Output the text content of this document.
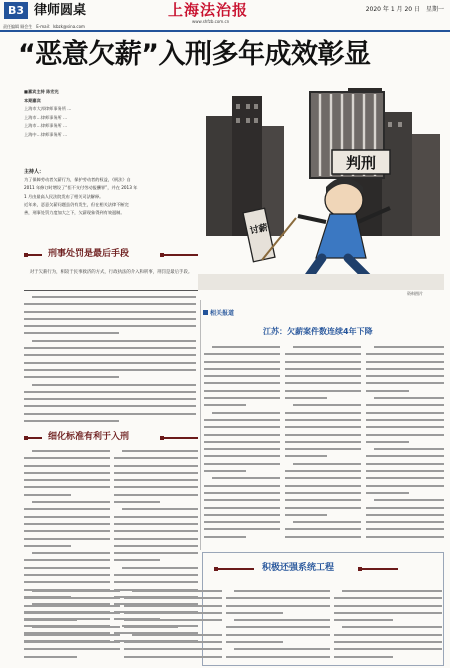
B3 律师圆桌	上海法治报
www.shfzb.com.cn
2020 年 1 月 20 日　星期一
责任编辑 顾会生　E-mail：lsbzk@sina.com
“恶意欠薪”入刑多年成效彰显
■嘉宾主持 陈宏光
本期嘉宾
上海市大邦律师事务所 …
上海市…律师事务所 …
上海市…律师事务所 …
上海中…律师事务所 …
主持人：
为了保障劳动者欠薪行为，保护劳动者的权益，《刑法》自
2011 年修订时增设了“拒不支付劳动报酬罪”，并在 2013 年
1 月由最高人民法院发布了相关司法解释。
近年来，恶意欠薪问题虽仍有发生，但在相关法律不断完
善，刑事处罚力度加大之下，欠薪现象得到有效遏制。
判刑
讨薪
资料图片
刑事处罚是最后手段
对于欠薪行为，相较于民事救济的方式，行政执法的介入和刑事，刑罚是最后手段。
细化标准有利于入刑
相关报道
江苏：欠薪案件数连续4年下降
积极还强系统工程
